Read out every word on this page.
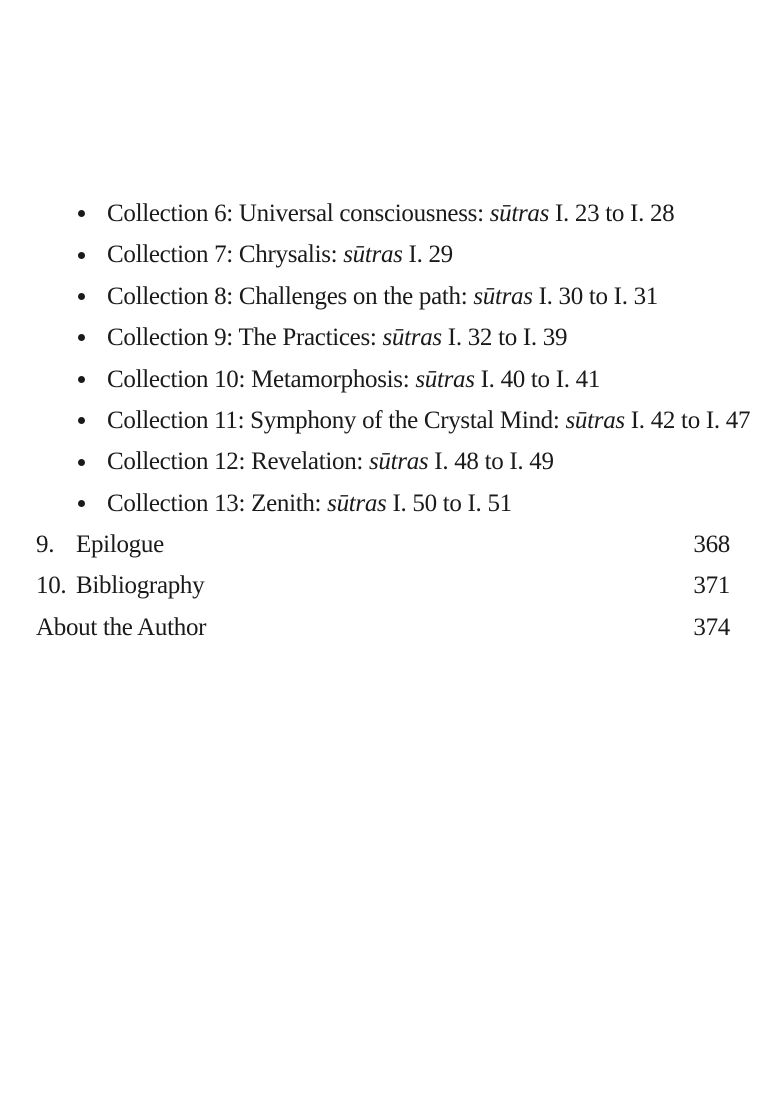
Collection 6: Universal consciousness: sūtras I. 23 to I. 28
Collection 7: Chrysalis: sūtras I. 29
Collection 8: Challenges on the path: sūtras I. 30 to I. 31
Collection 9: The Practices: sūtras I. 32 to I. 39
Collection 10: Metamorphosis: sūtras I. 40 to I. 41
Collection 11: Symphony of the Crystal Mind: sūtras I. 42 to I. 47
Collection 12: Revelation: sūtras I. 48 to I. 49
Collection 13: Zenith: sūtras I. 50 to I. 51
9. Epilogue	368
10. Bibliography	371
About the Author	374
